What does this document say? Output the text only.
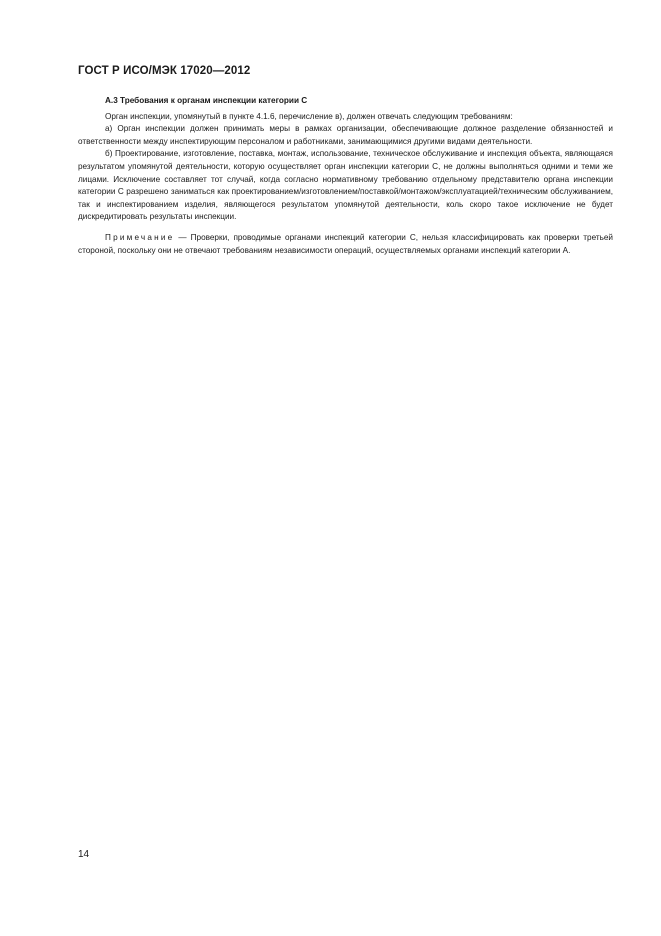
ГОСТ Р ИСО/МЭК 17020—2012

А.3 Требования к органам инспекции категории С

Орган инспекции, упомянутый в пункте 4.1.6, перечисление в), должен отвечать следующим требованиям:

а) Орган инспекции должен принимать меры в рамках организации, обеспечивающие должное разделение обязанностей и ответственности между инспектирующим персоналом и работниками, занимающимися другими видами деятельности.

б) Проектирование, изготовление, поставка, монтаж, использование, техническое обслуживание и инспекция объекта, являющаяся результатом упомянутой деятельности, которую осуществляет орган инспекции категории С, не должны выполняться одними и теми же лицами. Исключение составляет тот случай, когда согласно нормативному требованию отдельному представителю органа инспекции категории С разрешено заниматься как проектированием/изготовлением/поставкой/монтажом/эксплуатацией/техническим обслуживанием, так и инспектированием изделия, являющегося результатом упомянутой деятельности, коль скоро такое исключение не будет дискредитировать результаты инспекции.

Примечание — Проверки, проводимые органами инспекций категории С, нельзя классифицировать как проверки третьей стороной, поскольку они не отвечают требованиям независимости операций, осуществляемых органами инспекций категории А.

14
